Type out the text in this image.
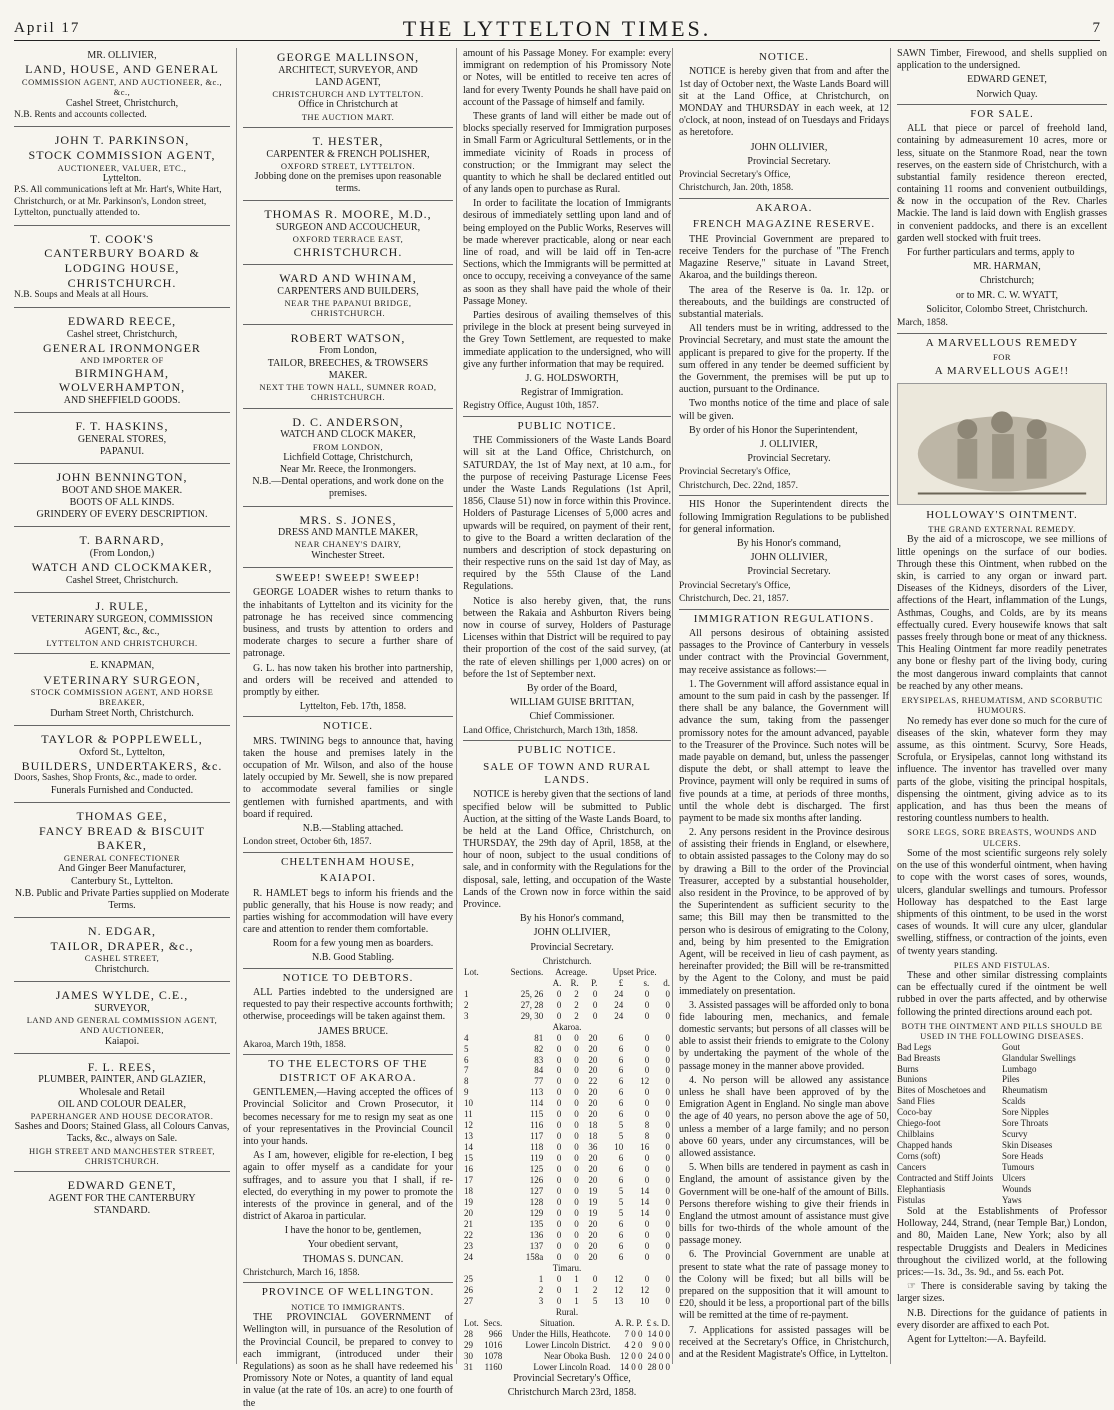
April 17	THE LYTTELTON TIMES.	7
MR. OLLIVIER,
LAND, HOUSE, AND GENERAL
COMMISSION AGENT, AND AUCTIONEER, &c., &c.,
Cashel Street, Christchurch,
N.B. Rents and accounts collected.
JOHN T. PARKINSON,
STOCK COMMISSION AGENT,
AUCTIONEER, VALUER, ETC.,
Lyttelton.
P.S. All communications left at Mr. Hart's, White Hart, Christchurch, or at Mr. Parkinson's, London street, Lyttelton, punctually attended to.
T. COOK'S
CANTERBURY BOARD & LODGING HOUSE,
CHRISTCHURCH.
N.B. Soups and Meals at all Hours.
EDWARD REECE,
Cashel street, Christchurch,
GENERAL IRONMONGER
AND IMPORTER OF
BIRMINGHAM, WOLVERHAMPTON,
AND SHEFFIELD GOODS.
F. T. HASKINS,
GENERAL STORES,
PAPANUI.
JOHN BENNINGTON,
BOOT AND SHOE MAKER.
BOOTS OF ALL KINDS.
GRINDERY OF EVERY DESCRIPTION.
T. BARNARD,
(From London,)
WATCH AND CLOCKMAKER,
Cashel Street, Christchurch.
J. RULE,
VETERINARY SURGEON, COMMISSION
AGENT, &c., &c.,
LYTTELTON AND CHRISTCHURCH.
E. KNAPMAN,
VETERINARY SURGEON,
STOCK COMMISSION AGENT, AND HORSE
BREAKER,
Durham Street North, Christchurch.
TAYLOR & POPPLEWELL,
Oxford St., Lyttelton,
BUILDERS, UNDERTAKERS, &c.
Doors, Sashes, Shop Fronts, &c., made to order.
Funerals Furnished and Conducted.
THOMAS GEE,
FANCY BREAD & BISCUIT BAKER,
GENERAL CONFECTIONER
And Ginger Beer Manufacturer,
Canterbury St., Lyttelton.
N.B. Public and Private Parties supplied on Moderate Terms.
N. EDGAR,
TAILOR, DRAPER, &c.,
CASHEL STREET,
Christchurch.
JAMES WYLDE, C.E.,
SURVEYOR,
LAND AND GENERAL COMMISSION AGENT,
AND AUCTIONEER,
Kaiapoi.
F. L. REES,
PLUMBER, PAINTER, AND GLAZIER,
Wholesale and Retail
OIL AND COLOUR DEALER,
PAPERHANGER AND HOUSE DECORATOR.
Sashes and Doors; Stained Glass, all Colours Canvas, Tacks, &c., always on Sale.
HIGH STREET AND MANCHESTER STREET, CHRISTCHURCH.
EDWARD GENET,
AGENT FOR THE CANTERBURY
STANDARD.
GEORGE MALLINSON,
ARCHITECT, SURVEYOR, AND
LAND AGENT,
CHRISTCHURCH AND LYTTELTON.
Office in Christchurch at
THE AUCTION MART.
T. HESTER,
CARPENTER & FRENCH POLISHER,
OXFORD STREET, LYTTELTON.
Jobbing done on the premises upon reasonable terms.
THOMAS R. MOORE, M.D.,
SURGEON AND ACCOUCHEUR,
OXFORD TERRACE EAST,
CHRISTCHURCH.
WARD AND WHINAM,
CARPENTERS AND BUILDERS,
NEAR THE PAPANUI BRIDGE,
CHRISTCHURCH.
ROBERT WATSON,
From London,
TAILOR, BREECHES, & TROWSERS
MAKER.
NEXT THE TOWN HALL, SUMNER ROAD,
CHRISTCHURCH.
D. C. ANDERSON,
WATCH AND CLOCK MAKER,
FROM LONDON,
Lichfield Cottage, Christchurch,
Near Mr. Reece, the Ironmongers.
N.B.—Dental operations, and work done on the premises.
MRS. S. JONES,
DRESS AND MANTLE MAKER,
NEAR CHANEY'S DAIRY,
Winchester Street.
SWEEP! SWEEP! SWEEP!

GEORGE LOADER wishes to return thanks to the inhabitants of Lyttelton and its vicinity for the patronage he has received since commencing business, and trusts by attention to orders and moderate charges to secure a further share of patronage.

G. L. has now taken his brother into partnership, and orders will be received and attended to promptly by either.

Lyttelton, Feb. 17th, 1858.

NOTICE.

MRS. TWINING begs to announce that, having taken the house and premises lately in the occupation of Mr. Wilson, and also of the house lately occupied by Mr. Sewell, she is now prepared to accommodate several families or single gentlemen with furnished apartments, and with board if required.

N.B.—Stabling attached.

London street, October 6th, 1857.

CHELTENHAM HOUSE,
KAIAPOI.

R. HAMLET begs to inform his friends and the public generally, that his House is now ready; and parties wishing for accommodation will have every care and attention to render them comfortable.

Room for a few young men as boarders.

N.B. Good Stabling.

NOTICE TO DEBTORS.

ALL Parties indebted to the undersigned are requested to pay their respective accounts forthwith; otherwise, proceedings will be taken against them.

JAMES BRUCE.

Akaroa, March 19th, 1858.

TO THE ELECTORS OF THE DISTRICT OF AKAROA.

GENTLEMEN,—Having accepted the offices of Provincial Solicitor and Crown Prosecutor, it becomes necessary for me to resign my seat as one of your representatives in the Provincial Council into your hands.

As I am, however, eligible for re-election, I beg again to offer myself as a candidate for your suffrages, and to assure you that I shall, if re-elected, do everything in my power to promote the interests of the province in general, and of the district of Akaroa in particular.

I have the honor to be, gentlemen,

Your obedient servant,

THOMAS S. DUNCAN.

Christchurch, March 16, 1858.

PROVINCE OF WELLINGTON.
NOTICE TO IMMIGRANTS.

THE PROVINCIAL GOVERNMENT of Wellington will, in pursuance of the Resolution of the Provincial Council, be prepared to convey to each immigrant, (introduced under their Regulations) as soon as he shall have redeemed his Promissory Note or Notes, a quantity of land equal in value (at the rate of 10s. an acre) to one fourth of the

amount of his Passage Money. For example: every immigrant on redemption of his Promissory Note or Notes, will be entitled to receive ten acres of land for every Twenty Pounds he shall have paid on account of the Passage of himself and family.

These grants of land will either be made out of blocks specially reserved for Immigration purposes in Small Farm or Agricultural Settlements, or in the immediate vicinity of Roads in process of construction; or the Immigrant may select the quantity to which he shall be declared entitled out of any lands open to purchase as Rural.

In order to facilitate the location of Immigrants desirous of immediately settling upon land and of being employed on the Public Works, Reserves will be made wherever practicable, along or near each line of road, and will be laid off in Ten-acre Sections, which the Immigrants will be permitted at once to occupy, receiving a conveyance of the same as soon as they shall have paid the whole of their Passage Money.

Parties desirous of availing themselves of this privilege in the block at present being surveyed in the Grey Town Settlement, are requested to make immediate application to the undersigned, who will give any further information that may be required.

J. G. HOLDSWORTH,

Registrar of Immigration.

Registry Office, August 10th, 1857.

PUBLIC NOTICE.

THE Commissioners of the Waste Lands Board will sit at the Land Office, Christchurch, on SATURDAY, the 1st of May next, at 10 a.m., for the purpose of receiving Pasturage License Fees under the Waste Lands Regulations (1st April, 1856, Clause 51) now in force within this Province. Holders of Pasturage Licenses of 5,000 acres and upwards will be required, on payment of their rent, to give to the Board a written declaration of the numbers and description of stock depasturing on their respective runs on the said 1st day of May, as required by the 55th Clause of the Land Regulations.

Notice is also hereby given, that, the runs between the Rakaia and Ashburton Rivers being now in course of survey, Holders of Pasturage Licenses within that District will be required to pay their proportion of the cost of the said survey, (at the rate of eleven shillings per 1,000 acres) on or before the 1st of September next.

By order of the Board,

WILLIAM GUISE BRITTAN,

Chief Commissioner.

Land Office, Christchurch, March 13th, 1858.

PUBLIC NOTICE.
SALE OF TOWN AND RURAL LANDS.

NOTICE is hereby given that the sections of land specified below will be submitted to Public Auction, at the sitting of the Waste Lands Board, to be held at the Land Office, Christchurch, on THURSDAY, the 29th day of April, 1858, at the hour of noon, subject to the usual conditions of sale, and in conformity with the Regulations for the disposal, sale, letting, and occupation of the Waste Lands of the Crown now in force within the said Province.

By his Honor's command,

JOHN OLLIVIER,

Provincial Secretary.

Christchurch.							
Lot.	Sections.	Acreage.			Upset Price.		
		A.	R.	P.	£	s.	d.
1	25, 26	0	2	0	24	0	0
2	27, 28	0	2	0	24	0	0
3	29, 30	0	2	0	24	0	0
Akaroa.							
4	81	0	0	20	6	0	0
5	82	0	0	20	6	0	0
6	83	0	0	20	6	0	0
7	84	0	0	20	6	0	0
8	77	0	0	22	6	12	0
9	113	0	0	20	6	0	0
10	114	0	0	20	6	0	0
11	115	0	0	20	6	0	0
12	116	0	0	18	5	8	0
13	117	0	0	18	5	8	0
14	118	0	0	36	10	16	0
15	119	0	0	20	6	0	0
16	125	0	0	20	6	0	0
17	126	0	0	20	6	0	0
18	127	0	0	19	5	14	0
19	128	0	0	19	5	14	0
20	129	0	0	19	5	14	0
21	135	0	0	20	6	0	0
22	136	0	0	20	6	0	0
23	137	0	0	20	6	0	0
24	158a	0	0	20	6	0	0
Timaru.							
25	1	0	1	0	12	0	0
26	2	0	1	2	12	12	0
27	3	0	1	5	13	10	0
Rural.							
Lot.	Secs.	Situation.	A. R. P.	£ s. D.
28	966	Under the Hills, Heathcote.	7 0 0	14 0 0
29	1016	Lower Lincoln District.	4 2 0	9 0 0
30	1078	Near Oboka Bush.	12 0 0	24 0 0
31	1160	Lower Lincoln Road.	14 0 0	28 0 0

Provincial Secretary's Office,

Christchurch March 23rd, 1858.

NOTICE.

NOTICE is hereby given that from and after the 1st day of October next, the Waste Lands Board will sit at the Land Office, at Christchurch, on MONDAY and THURSDAY in each week, at 12 o'clock, at noon, instead of on Tuesdays and Fridays as heretofore.

JOHN OLLIVIER,

Provincial Secretary.

Provincial Secretary's Office,

Christchurch, Jan. 20th, 1858.

AKAROA.
FRENCH MAGAZINE RESERVE.

THE Provincial Government are prepared to receive Tenders for the purchase of "The French Magazine Reserve," situate in Lavand Street, Akaroa, and the buildings thereon.

The area of the Reserve is 0a. 1r. 12p. or thereabouts, and the buildings are constructed of substantial materials.

All tenders must be in writing, addressed to the Provincial Secretary, and must state the amount the applicant is prepared to give for the property. If the sum offered in any tender be deemed sufficient by the Government, the premises will be put up to auction, pursuant to the Ordinance.

Two months notice of the time and place of sale will be given.

By order of his Honor the Superintendent,

J. OLLIVIER,

Provincial Secretary.

Provincial Secretary's Office,

Christchurch, Dec. 22nd, 1857.

HIS Honor the Superintendent directs the following Immigration Regulations to be published for general information.

By his Honor's command,

JOHN OLLIVIER,

Provincial Secretary.

Provincial Secretary's Office,

Christchurch, Dec. 21, 1857.

IMMIGRATION REGULATIONS.

All persons desirous of obtaining assisted passages to the Province of Canterbury in vessels under contract with the Provincial Government, may receive assistance as follows:—

1. The Government will afford assistance equal in amount to the sum paid in cash by the passenger. If there shall be any balance, the Government will advance the sum, taking from the passenger promissory notes for the amount advanced, payable to the Treasurer of the Province. Such notes will be made payable on demand, but, unless the passenger dispute the debt, or shall attempt to leave the Province, payment will only be required in sums of five pounds at a time, at periods of three months, until the whole debt is discharged. The first payment to be made six months after landing.

2. Any persons resident in the Province desirous of assisting their friends in England, or elsewhere, to obtain assisted passages to the Colony may do so by drawing a Bill to the order of the Provincial Treasurer, accepted by a substantial householder, also resident in the Province, to be approved of by the Superintendent as sufficient security to the same; this Bill may then be transmitted to the person who is desirous of emigrating to the Colony, and, being by him presented to the Emigration Agent, will be received in lieu of cash payment, as hereinafter provided; the Bill will be re-transmitted by the Agent to the Colony, and must be paid immediately on presentation.

3. Assisted passages will be afforded only to bona fide labouring men, mechanics, and female domestic servants; but persons of all classes will be able to assist their friends to emigrate to the Colony by undertaking the payment of the whole of the passage money in the manner above provided.

4. No person will be allowed any assistance unless he shall have been approved of by the Emigration Agent in England. No single man above the age of 40 years, no person above the age of 50, unless a member of a large family; and no person above 60 years, under any circumstances, will be allowed assistance.

5. When bills are tendered in payment as cash in England, the amount of assistance given by the Government will be one-half of the amount of Bills. Persons therefore wishing to give their friends in England the utmost amount of assistance must give bills for two-thirds of the whole amount of the passage money.

6. The Provincial Government are unable at present to state what the rate of passage money to the Colony will be fixed; but all bills will be prepared on the supposition that it will amount to £20, should it be less, a proportional part of the bills will be remitted at the time of re-payment.

7. Applications for assisted passages will be received at the Secretary's Office, in Christchurch, and at the Resident Magistrate's Office, in Lyttelton.

SAWN Timber, Firewood, and shells supplied on application to the undersigned.

EDWARD GENET,

Norwich Quay.

FOR SALE.

ALL that piece or parcel of freehold land, containing by admeasurement 10 acres, more or less, situate on the Stanmore Road, near the town reserves, on the eastern side of Christchurch, with a substantial family residence thereon erected, containing 11 rooms and convenient outbuildings, & now in the occupation of the Rev. Charles Mackie. The land is laid down with English grasses in convenient paddocks, and there is an excellent garden well stocked with fruit trees.

For further particulars and terms, apply to

MR. HARMAN,

Christchurch;

or to MR. C. W. WYATT,

Solicitor, Colombo Street, Christchurch.

March, 1858.

A MARVELLOUS REMEDY
FOR
A MARVELLOUS AGE!!
HOLLOWAY'S OINTMENT.
THE GRAND EXTERNAL REMEDY.

By the aid of a microscope, we see millions of little openings on the surface of our bodies. Through these this Ointment, when rubbed on the skin, is carried to any organ or inward part. Diseases of the Kidneys, disorders of the Liver, affections of the Heart, inflammation of the Lungs, Asthmas, Coughs, and Colds, are by its means effectually cured. Every housewife knows that salt passes freely through bone or meat of any thickness. This Healing Ointment far more readily penetrates any bone or fleshy part of the living body, curing the most dangerous inward complaints that cannot be reached by any other means.

ERYSIPELAS, RHEUMATISM, AND SCORBUTIC HUMOURS.

No remedy has ever done so much for the cure of diseases of the skin, whatever form they may assume, as this ointment. Scurvy, Sore Heads, Scrofula, or Erysipelas, cannot long withstand its influence. The inventor has travelled over many parts of the globe, visiting the principal hospitals, dispensing the ointment, giving advice as to its application, and has thus been the means of restoring countless numbers to health.

SORE LEGS, SORE BREASTS, WOUNDS AND ULCERS.

Some of the most scientific surgeons rely solely on the use of this wonderful ointment, when having to cope with the worst cases of sores, wounds, ulcers, glandular swellings and tumours. Professor Holloway has despatched to the East large shipments of this ointment, to be used in the worst cases of wounds. It will cure any ulcer, glandular swelling, stiffness, or contraction of the joints, even of twenty years standing.

PILES AND FISTULAS.

These and other similar distressing complaints can be effectually cured if the ointment be well rubbed in over the parts affected, and by otherwise following the printed directions around each pot.

BOTH THE OINTMENT AND PILLS SHOULD BE USED IN THE FOLLOWING DISEASES.
Bad Legs
Bad Breasts
Burns
Bunions
Bites of Moschetoes and Sand Flies
Coco-bay
Chiego-foot
Chilblains
Chapped hands
Corns (soft)
Cancers
Contracted and Stiff Joints
Elephantiasis
Fistulas
Gout
Glandular Swellings
Lumbago
Piles
Rheumatism
Scalds
Sore Nipples
Sore Throats
Scurvy
Skin Diseases
Sore Heads
Tumours
Ulcers
Wounds
Yaws

Sold at the Establishments of Professor Holloway, 244, Strand, (near Temple Bar,) London, and 80, Maiden Lane, New York; also by all respectable Druggists and Dealers in Medicines throughout the civilized world, at the following prices:—1s. 3d., 3s. 9d., and 5s. each Pot.

☞ There is considerable saving by taking the larger sizes.

N.B. Directions for the guidance of patients in every disorder are affixed to each Pot.

Agent for Lyttelton:—A. Bayfeild.
